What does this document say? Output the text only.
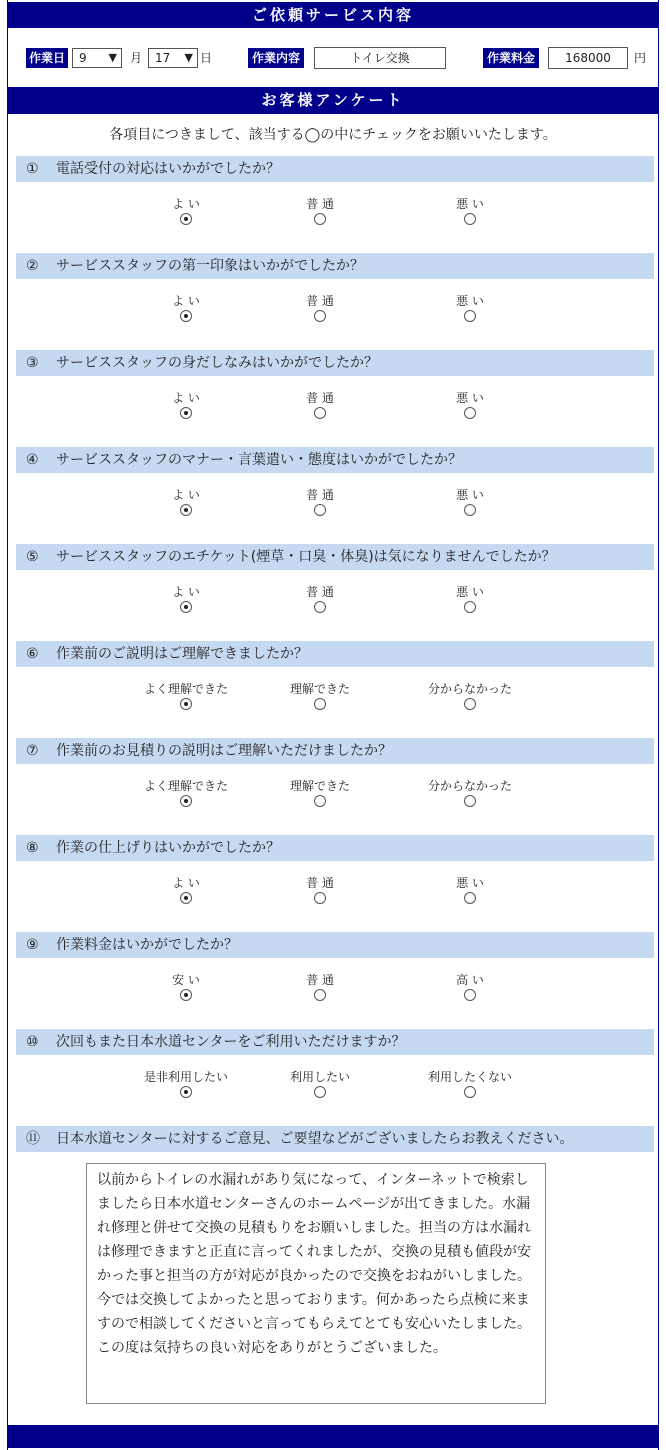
ご依頼サービス内容
作業日	9 ▼ 月	17 ▼ 日	作業内容	トイレ交換	作業料金	168000	円
お客様アンケート
各項目につきまして、該当する◯の中にチェックをお願いいたします。
① 電話受付の対応はいかがでしたか？
よ い	普 通	悪 い
② サービススタッフの第一印象はいかがでしたか？
よ い	普 通	悪 い
③ サービススタッフの身だしなみはいかがでしたか？
よ い	普 通	悪 い
④ サービススタッフのマナー・言葉遣い・態度はいかがでしたか？
よ い	普 通	悪 い
⑤ サービススタッフのエチケット(煙草・口臭・体臭)は気になりませんでしたか？
よ い	普 通	悪 い
⑥ 作業前のご説明はご理解できましたか？
よく理解できた	理解できた	分からなかった
⑦ 作業前のお見積りの説明はご理解いただけましたか？
よく理解できた	理解できた	分からなかった
⑧ 作業の仕上げりはいかがでしたか？
よ い	普 通	悪 い
⑨ 作業料金はいかがでしたか？
安 い	普 通	高 い
⑩ 次回もまた日本水道センターをご利用いただけますか？
是非利用したい	利用したい	利用したくない
⑪ 日本水道センターに対するご意見、ご要望などがございましたらお教えください。
以前からトイレの水漏れがあり気になって、インターネットで検索しましたら日本水道センターさんのホームページが出てきました。水漏れ修理と併せて交換の見積もりをお願いしました。担当の方は水漏れは修理できますと正直に言ってくれましたが、交換の見積も値段が安かった事と担当の方が対応が良かったので交換をおねがいしました。今では交換してよかったと思っております。何かあったら点検に来ますので相談してくださいと言ってもらえてとても安心いたしました。この度は気持ちの良い対応をありがとうございました。
